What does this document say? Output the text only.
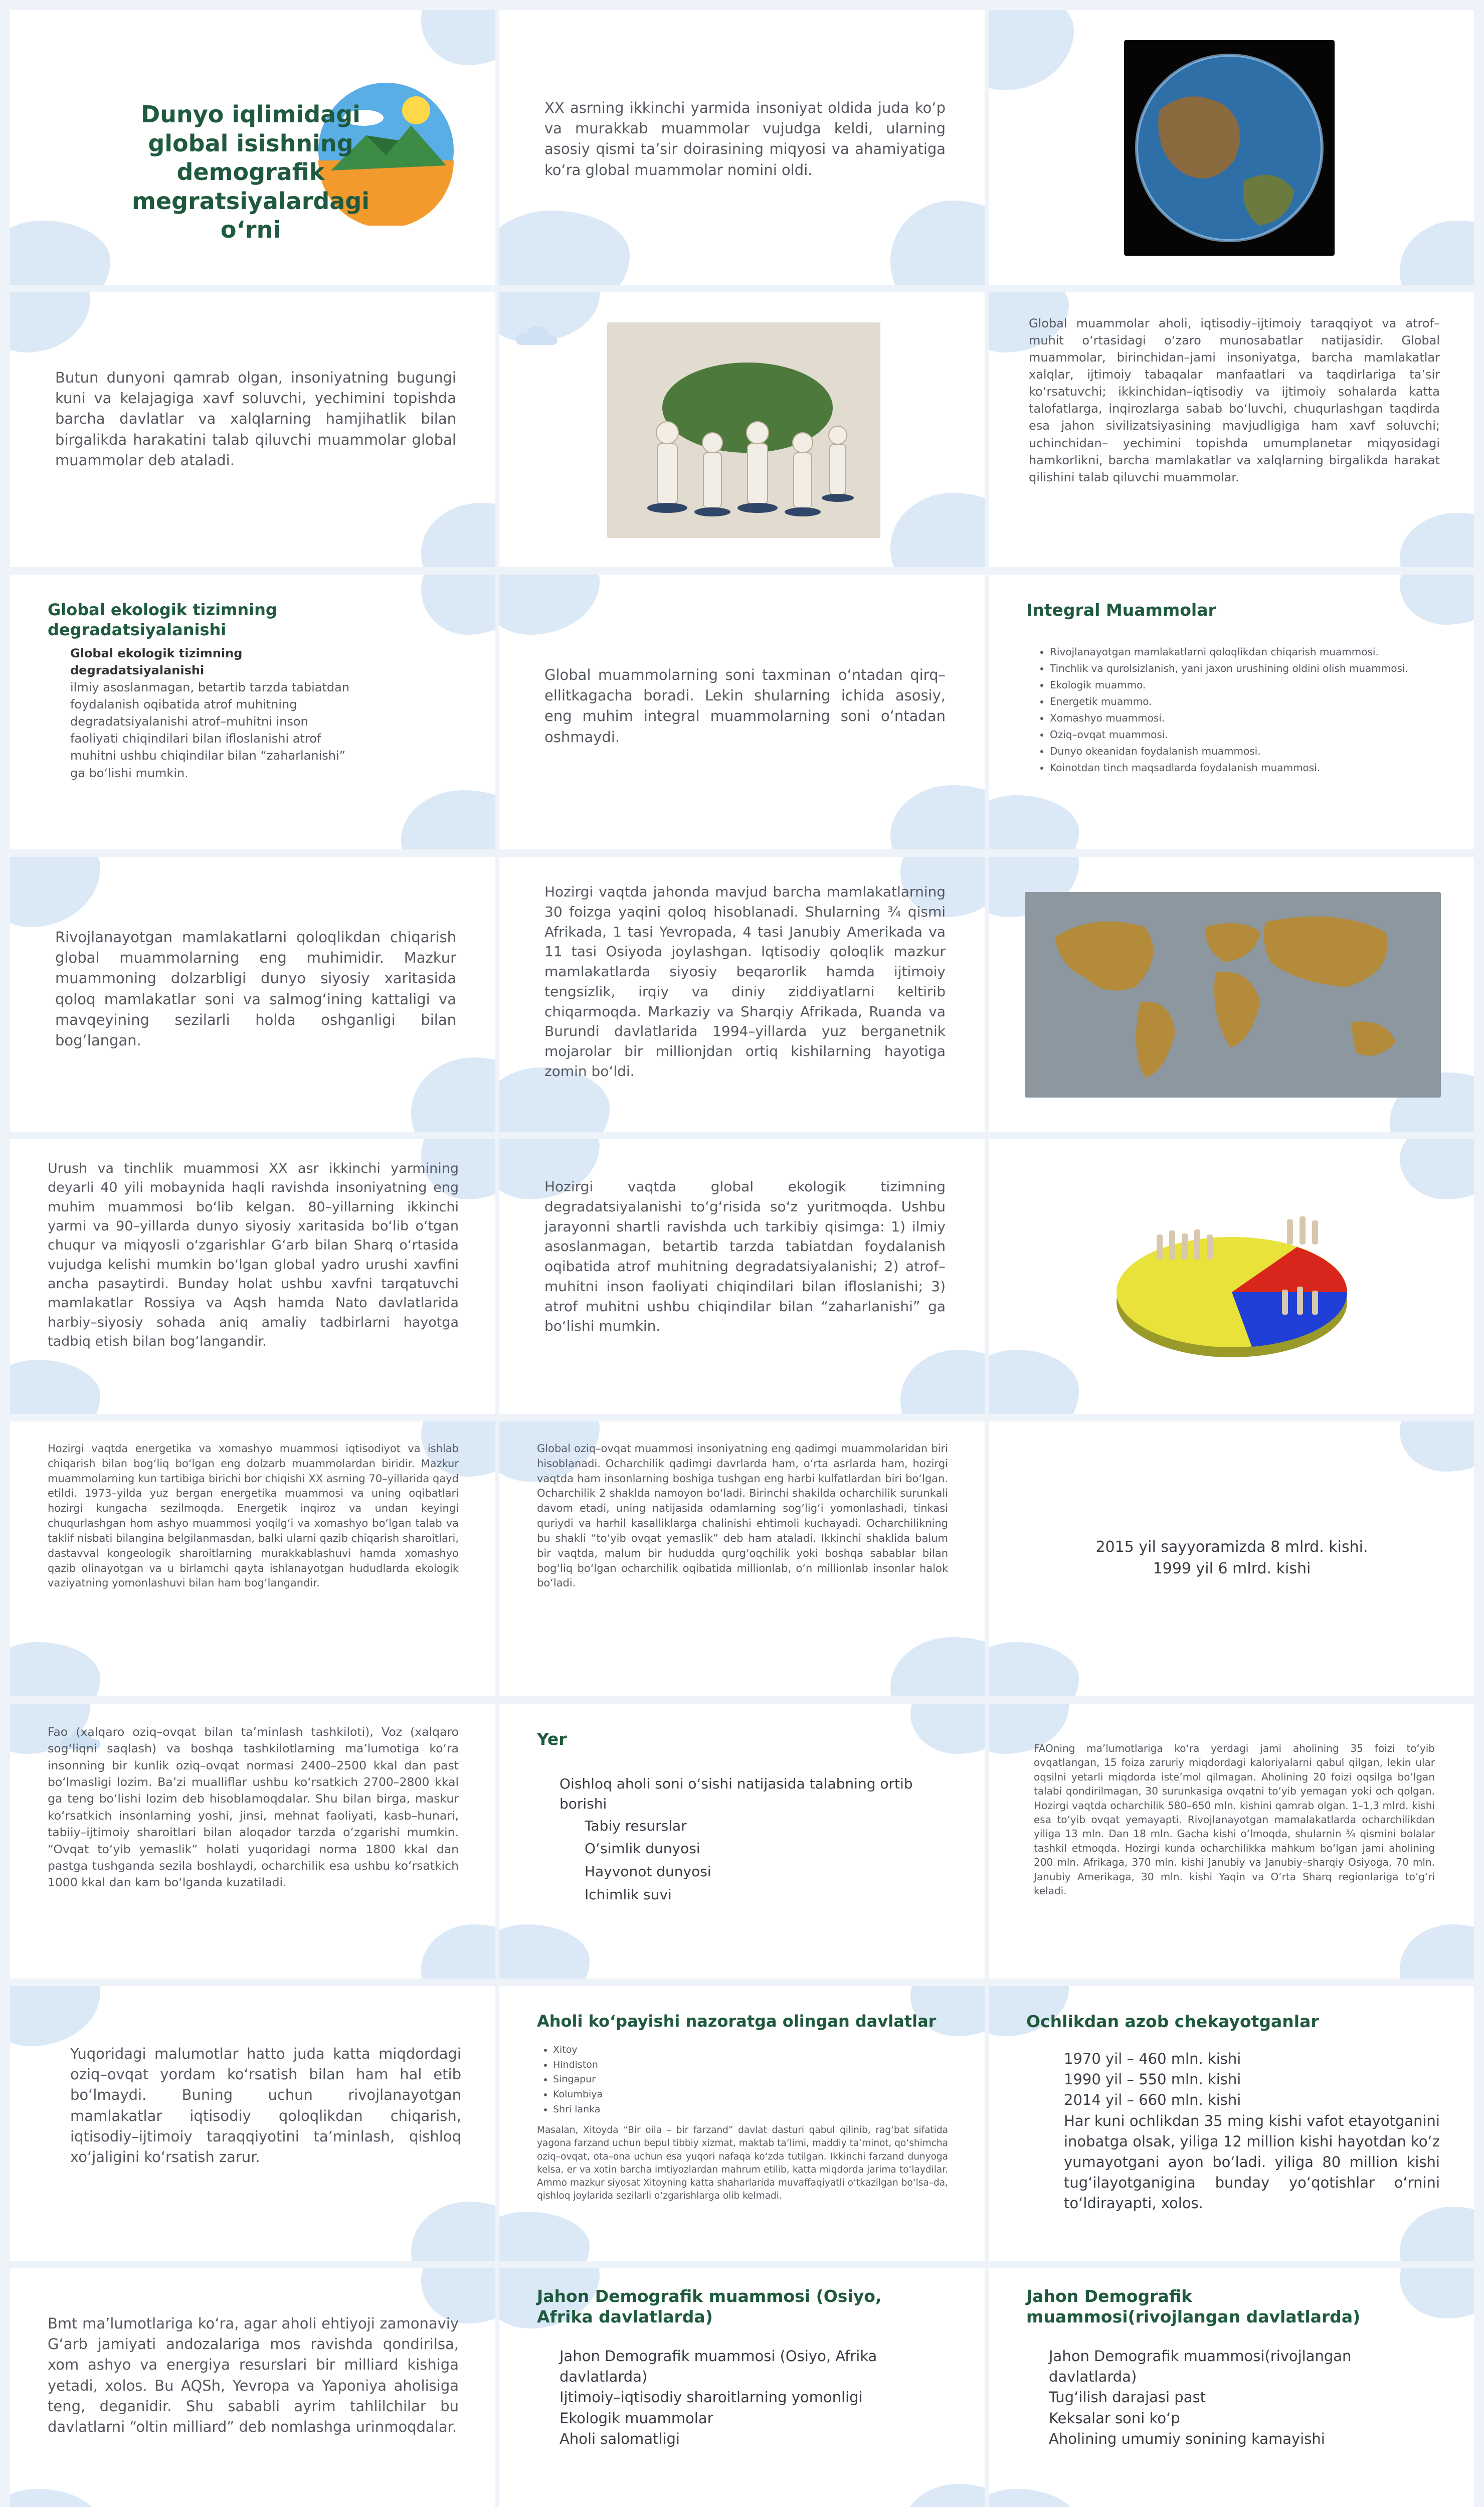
Dunyo iqlimidagi global isishning demografik megratsiyalardagi o‘rni
XX asrning ikkinchi yarmida insoniyat oldida juda ko‘p va murakkab muammolar vujudga keldi, ularning asosiy qismi ta’sir doirasining miqyosi va ahamiyatiga ko‘ra global muammolar nomini oldi.
Butun dunyoni qamrab olgan, insoniyatning bugungi kuni va kelajagiga xavf soluvchi, yechimini topishda barcha davlatlar va xalqlarning hamjihatlik bilan birgalikda harakatini talab qiluvchi muammolar global muammolar deb ataladi.
Global muammolar aholi, iqtisodiy–ijtimoiy taraqqiyot va atrof– muhit o‘rtasidagi o‘zaro munosabatlar natijasidir. Global muammolar, birinchidan–jami insoniyatga, barcha mamlakatlar xalqlar, ijtimoiy tabaqalar manfaatlari va taqdirlariga ta’sir ko‘rsatuvchi; ikkinchidan–iqtisodiy va ijtimoiy sohalarda katta talofatlarga, inqirozlarga sabab bo‘luvchi, chuqurlashgan taqdirda esa jahon sivilizatsiyasining mavjudligiga ham xavf soluvchi; uchinchidan– yechimini topishda umumplanetar miqyosidagi hamkorlikni, barcha mamlakatlar va xalqlarning birgalikda harakat qilishini talab qiluvchi muammolar.
Global ekologik tizimning degradatsiyalanishi
Global ekologik tizimning degradatsiyalanishi
ilmiy asoslanmagan, betartib tarzda tabiatdan foydalanish oqibatida atrof muhitning degradatsiyalanishi atrof–muhitni inson faoliyati chiqindilari bilan ifloslanishi atrof muhitni ushbu chiqindilar bilan “zaharlanishi” ga bo‘lishi mumkin.
Global muammolarning soni taxminan o‘ntadan qirq–ellitkagacha boradi. Lekin shularning ichida asosiy, eng muhim integral muammolarning soni o‘ntadan oshmaydi.
Integral Muammolar
• Rivojlanayotgan mamlakatlarni qoloqlikdan chiqarish muammosi.
• Tinchlik va qurolsizlanish, yani jaxon urushining oldini olish muammosi.
• Ekologik muammo.
• Energetik muammo.
• Xomashyo muammosi.
• Oziq–ovqat muammosi.
• Dunyo okeanidan foydalanish muammosi.
• Koinotdan tinch maqsadlarda foydalanish muammosi.
Rivojlanayotgan mamlakatlarni qoloqlikdan chiqarish global muammolarning eng muhimidir. Mazkur muammoning dolzarbligi dunyo siyosiy xaritasida qoloq mamlakatlar soni va salmog‘ining kattaligi va mavqeyining sezilarli holda oshganligi bilan bog‘langan.
Hozirgi vaqtda jahonda mavjud barcha mamlakatlarning 30 foizga yaqini qoloq hisoblanadi. Shularning ¾ qismi Afrikada, 1 tasi Yevropada, 4 tasi Janubiy Amerikada va 11 tasi Osiyoda joylashgan. Iqtisodiy qoloqlik mazkur mamlakatlarda siyosiy beqarorlik hamda ijtimoiy tengsizlik, irqiy va diniy ziddiyatlarni keltirib chiqarmoqda. Markaziy va Sharqiy Afrikada, Ruanda va Burundi davlatlarida 1994–yillarda yuz berganetnik mojarolar bir millionjdan ortiq kishilarning hayotiga zomin bo‘ldi.
Urush va tinchlik muammosi XX asr ikkinchi yarmining deyarli 40 yili mobaynida haqli ravishda insoniyatning eng muhim muammosi bo‘lib kelgan. 80–yillarning ikkinchi yarmi va 90–yillarda dunyo siyosiy xaritasida bo‘lib o‘tgan chuqur va miqyosli o‘zgarishlar G‘arb bilan Sharq o‘rtasida vujudga kelishi mumkin bo‘lgan global yadro urushi xavfini ancha pasaytirdi. Bunday holat ushbu xavfni tarqatuvchi mamlakatlar Rossiya va Aqsh hamda Nato davlatlarida harbiy–siyosiy sohada aniq amaliy tadbirlarni hayotga tadbiq etish bilan bog‘langandir.
Hozirgi vaqtda global ekologik tizimning degradatsiyalanishi to‘g‘risida so‘z yuritmoqda. Ushbu jarayonni shartli ravishda uch tarkibiy qisimga: 1) ilmiy asoslanmagan, betartib tarzda tabiatdan foydalanish oqibatida atrof muhitning degradatsiyalanishi; 2) atrof–muhitni inson faoliyati chiqindilari bilan ifloslanishi; 3) atrof muhitni ushbu chiqindilar bilan “zaharlanishi” ga bo‘lishi mumkin.
Hozirgi vaqtda energetika va xomashyo muammosi iqtisodiyot va ishlab chiqarish bilan bog‘liq bo‘lgan eng dolzarb muammolardan biridir. Mazkur muammolarning kun tartibiga birichi bor chiqishi XX asrning 70–yillarida qayd etildi. 1973–yilda yuz bergan energetika muammosi va uning oqibatlari hozirgi kungacha sezilmoqda. Energetik inqiroz va undan keyingi chuqurlashgan hom ashyo muammosi yoqilg‘i va xomashyo bo‘lgan talab va taklif nisbati bilangina belgilanmasdan, balki ularni qazib chiqarish sharoitlari, dastavval kongeologik sharoitlarning murakkablashuvi hamda xomashyo qazib olinayotgan va u birlamchi qayta ishlanayotgan hududlarda ekologik vaziyatning yomonlashuvi bilan ham bog‘langandir.
Global oziq–ovqat muammosi insoniyatning eng qadimgi muammolaridan biri hisoblanadi. Ocharchilik qadimgi davrlarda ham, o‘rta asrlarda ham, hozirgi vaqtda ham insonlarning boshiga tushgan eng harbi kulfatlardan biri bo‘lgan. Ocharchilik 2 shaklda namoyon bo‘ladi. Birinchi shakilda ocharchilik surunkali davom etadi, uning natijasida odamlarning sog‘lig‘i yomonlashadi, tinkasi quriydi va harhil kasalliklarga chalinishi ehtimoli kuchayadi. Ocharchilikning bu shakli “to‘yib ovqat yemaslik” deb ham ataladi. Ikkinchi shaklida balum bir vaqtda, malum bir hududda qurg‘oqchilik yoki boshqa sabablar bilan bog‘liq bo‘lgan ocharchilik oqibatida millionlab, o‘n millionlab insonlar halok bo‘ladi.
2015 yil sayyoramizda 8 mlrd. kishi.
1999 yil 6 mlrd. kishi
Fao (xalqaro oziq–ovqat bilan ta’minlash tashkiloti), Voz (xalqaro sog‘liqni saqlash) va boshqa tashkilotlarning ma’lumotiga ko‘ra insonning bir kunlik oziq–ovqat normasi 2400–2500 kkal dan past bo‘lmasligi lozim. Ba’zi mualliflar ushbu ko‘rsatkich 2700–2800 kkal ga teng bo‘lishi lozim deb hisoblamoqdalar. Shu bilan birga, maskur ko‘rsatkich insonlarning yoshi, jinsi, mehnat faoliyati, kasb–hunari, tabiiy–ijtimoiy sharoitlari bilan aloqador tarzda o‘zgarishi mumkin. “Ovqat to‘yib yemaslik” holati yuqoridagi norma 1800 kkal dan pastga tushganda sezila boshlaydi, ocharchilik esa ushbu ko‘rsatkich 1000 kkal dan kam bo‘lganda kuzatiladi.
Yer
Oishloq aholi soni o‘sishi natijasida talabning ortib borishi
Tabiy resurslar
O‘simlik dunyosi
Hayvonot dunyosi
Ichimlik suvi
FAOning ma’lumotlariga ko‘ra yerdagi jami aholining 35 foizi to‘yib ovqatlangan, 15 foiza zaruriy miqdordagi kaloriyalarni qabul qilgan, lekin ular oqsilni yetarli miqdorda iste’mol qilmagan. Aholining 20 foizi oqsilga bo‘lgan talabi qondirilmagan, 30 surunkasiga ovqatni to‘yib yemagan yoki och qolgan. Hozirgi vaqtda ocharchilik 580–650 mln. kishini qamrab olgan. 1–1,3 mlrd. kishi esa to‘yib ovqat yemayapti. Rivojlanayotgan mamalakatlarda ocharchilikdan yiliga 13 mln. Dan 18 mln. Gacha kishi o‘lmoqda, shularnin ¾ qismini bolalar tashkil etmoqda. Hozirgi kunda ocharchilikka mahkum bo‘lgan jami aholining 200 mln. Afrikaga, 370 mln. kishi Janubiy va Janubiy–sharqiy Osiyoga, 70 mln. Janubiy Amerikaga, 30 mln. kishi Yaqin va O‘rta Sharq regionlariga to‘g‘ri keladi.
Yuqoridagi malumotlar hatto juda katta miqdordagi oziq–ovqat yordam ko‘rsatish bilan ham hal etib bo‘lmaydi. Buning uchun rivojlanayotgan mamlakatlar iqtisodiy qoloqlikdan chiqarish, iqtisodiy–ijtimoiy taraqqiyotini ta’minlash, qishloq xo‘jaligini ko‘rsatish zarur.
Aholi ko‘payishi nazoratga olingan davlatlar
• Xitoy
• Hindiston
• Singapur
• Kolumbiya
• Shri lanka
Masalan, Xitoyda “Bir oila – bir farzand” davlat dasturi qabul qilinib, rag‘bat sifatida yagona farzand uchun bepul tibbiy xizmat, maktab ta’limi, maddiy ta’minot, qo‘shimcha oziq–ovqat, ota–ona uchun esa yuqori nafaqa ko‘zda tutilgan. Ikkinchi farzand dunyoga kelsa, er va xotin barcha imtiyozlardan mahrum etilib, katta miqdorda jarima to‘laydilar. Ammo mazkur siyosat Xitoyning katta shaharlarida muvaffaqiyatli o‘tkazilgan bo‘lsa–da, qishloq joylarida sezilarli o‘zgarishlarga olib kelmadi.
Ochlikdan azob chekayotganlar
1970 yil – 460 mln. kishi
1990 yil – 550 mln. kishi
2014 yil – 660 mln. kishi
Har kuni ochlikdan 35 ming kishi vafot etayotganini inobatga olsak, yiliga 12 million kishi hayotdan ko‘z yumayotgani ayon bo‘ladi. yiliga 80 million kishi tug‘ilayotganigina bunday yo‘qotishlar o‘rnini to‘ldirayapti, xolos.
Bmt ma’lumotlariga ko‘ra, agar aholi ehtiyoji zamonaviy G‘arb jamiyati andozalariga mos ravishda qondirilsa, xom ashyo va energiya resurslari bir milliard kishiga yetadi, xolos. Bu AQSh, Yevropa va Yaponiya aholisiga teng, deganidir. Shu sababli ayrim tahlilchilar bu davlatlarni “oltin milliard” deb nomlashga urinmoqdalar.
Jahon Demografik muammosi (Osiyo, Afrika davlatlarda)
Jahon Demografik muammosi (Osiyo, Afrika davlatlarda)
Ijtimoiy–iqtisodiy sharoitlarning yomonligi
Ekologik muammolar
Aholi salomatligi
Jahon Demografik muammosi(rivojlangan davlatlarda)
Jahon Demografik muammosi(rivojlangan davlatlarda)
Tug‘ilish darajasi past
Keksalar soni ko‘p
Aholining umumiy sonining kamayishi
